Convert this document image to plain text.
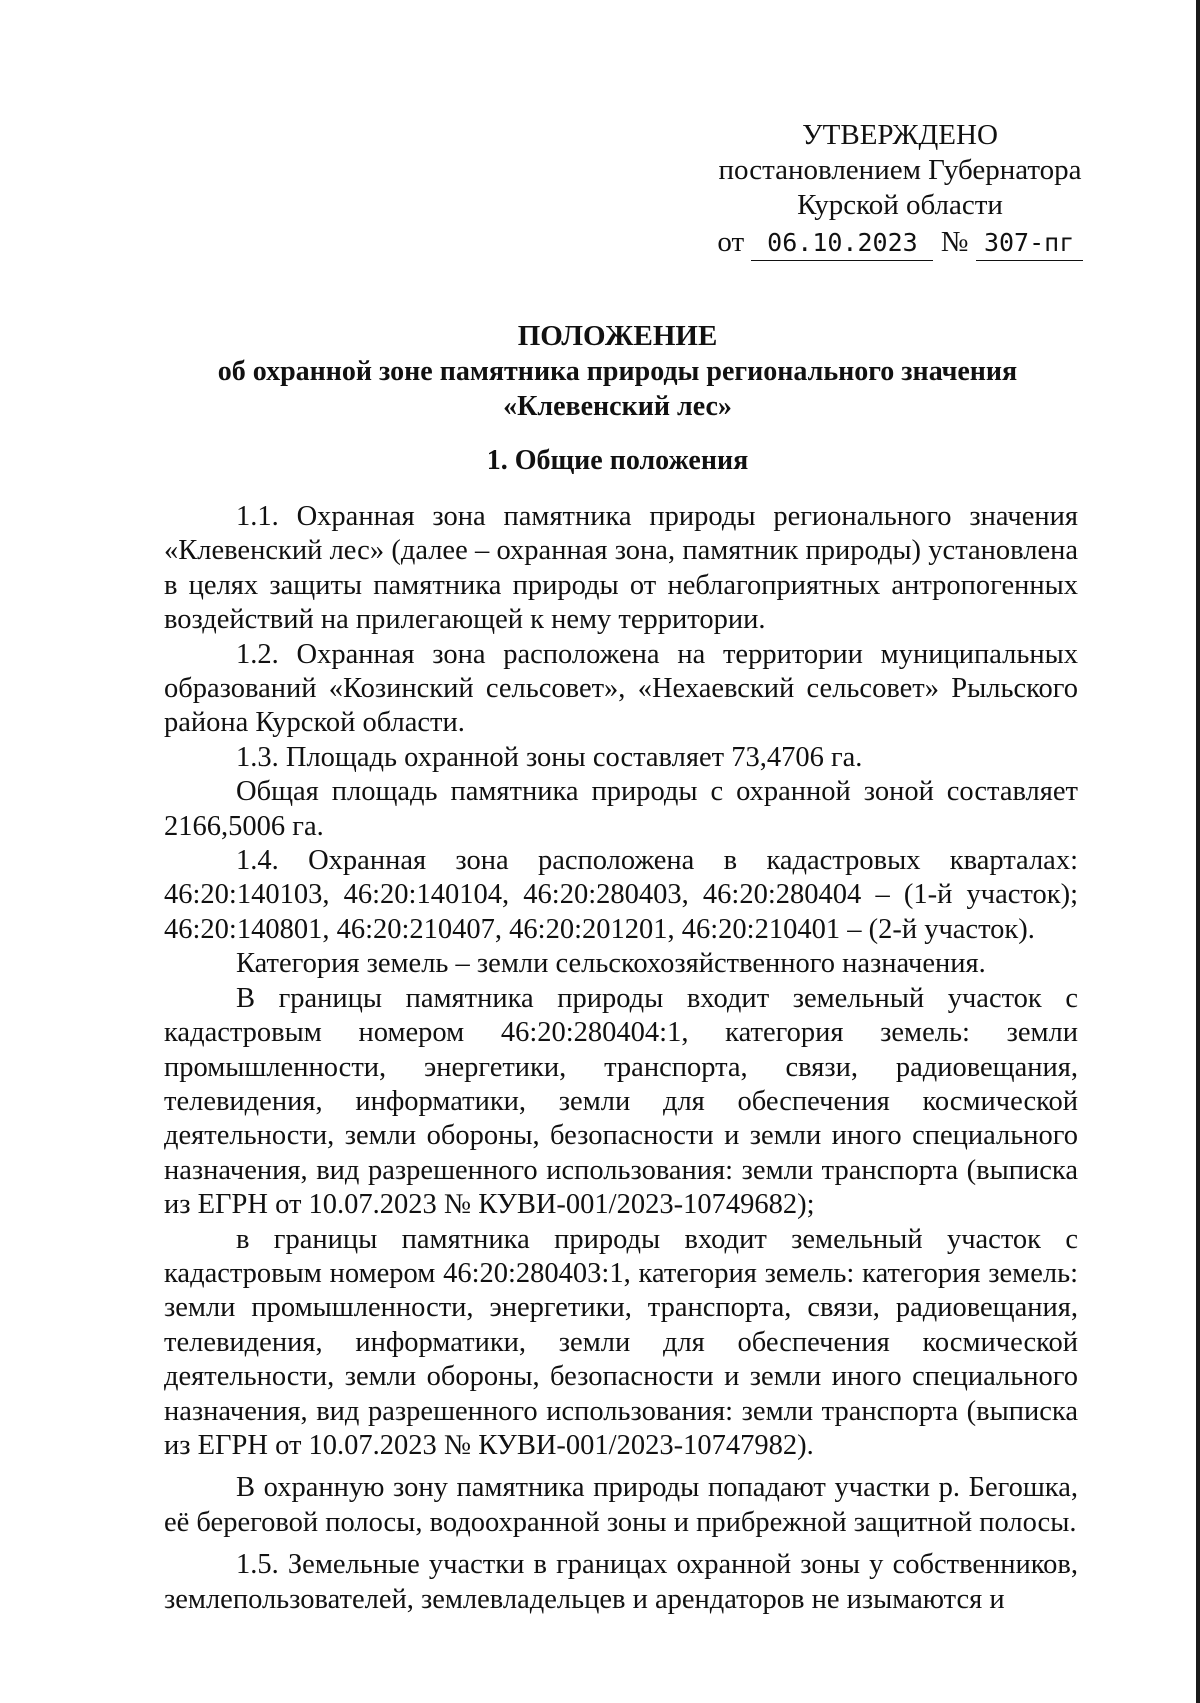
УТВЕРЖДЕНО
постановлением Губернатора
Курской области
от 06.10.2023 № 307-пг
ПОЛОЖЕНИЕ
об охранной зоне памятника природы регионального значения
«Клевенский лес»
1. Общие положения

1.1. Охранная зона памятника природы регионального значения «Клевенский лес» (далее – охранная зона, памятник природы) установлена в целях защиты памятника природы от неблагоприятных антропогенных воздействий на прилегающей к нему территории.

1.2. Охранная зона расположена на территории муниципальных образований «Козинский сельсовет», «Нехаевский сельсовет» Рыльского района Курской области.

1.3. Площадь охранной зоны составляет 73,4706 га.

Общая площадь памятника природы с охранной зоной составляет 2166,5006 га.

1.4. Охранная зона расположена в кадастровых кварталах: 46:20:140103, 46:20:140104, 46:20:280403, 46:20:280404 – (1-й участок); 46:20:140801, 46:20:210407, 46:20:201201, 46:20:210401 – (2-й участок).

Категория земель – земли сельскохозяйственного назначения.

В границы памятника природы входит земельный участок с кадастровым номером 46:20:280404:1, категория земель: земли промышленности, энергетики, транспорта, связи, радиовещания, телевидения, информатики, земли для обеспечения космической деятельности, земли обороны, безопасности и земли иного специального назначения, вид разрешенного использования: земли транспорта (выписка из ЕГРН от 10.07.2023 № КУВИ-001/2023-10749682);

в границы памятника природы входит земельный участок с кадастровым номером 46:20:280403:1, категория земель: категория земель: земли промышленности, энергетики, транспорта, связи, радиовещания, телевидения, информатики, земли для обеспечения космической деятельности, земли обороны, безопасности и земли иного специального назначения, вид разрешенного использования: земли транспорта (выписка из ЕГРН от 10.07.2023 № КУВИ-001/2023-10747982).

В охранную зону памятника природы попадают участки р. Бегошка, её береговой полосы, водоохранной зоны и прибрежной защитной полосы.

1.5. Земельные участки в границах охранной зоны у собственников, землепользователей, землевладельцев и арендаторов не изымаются и
